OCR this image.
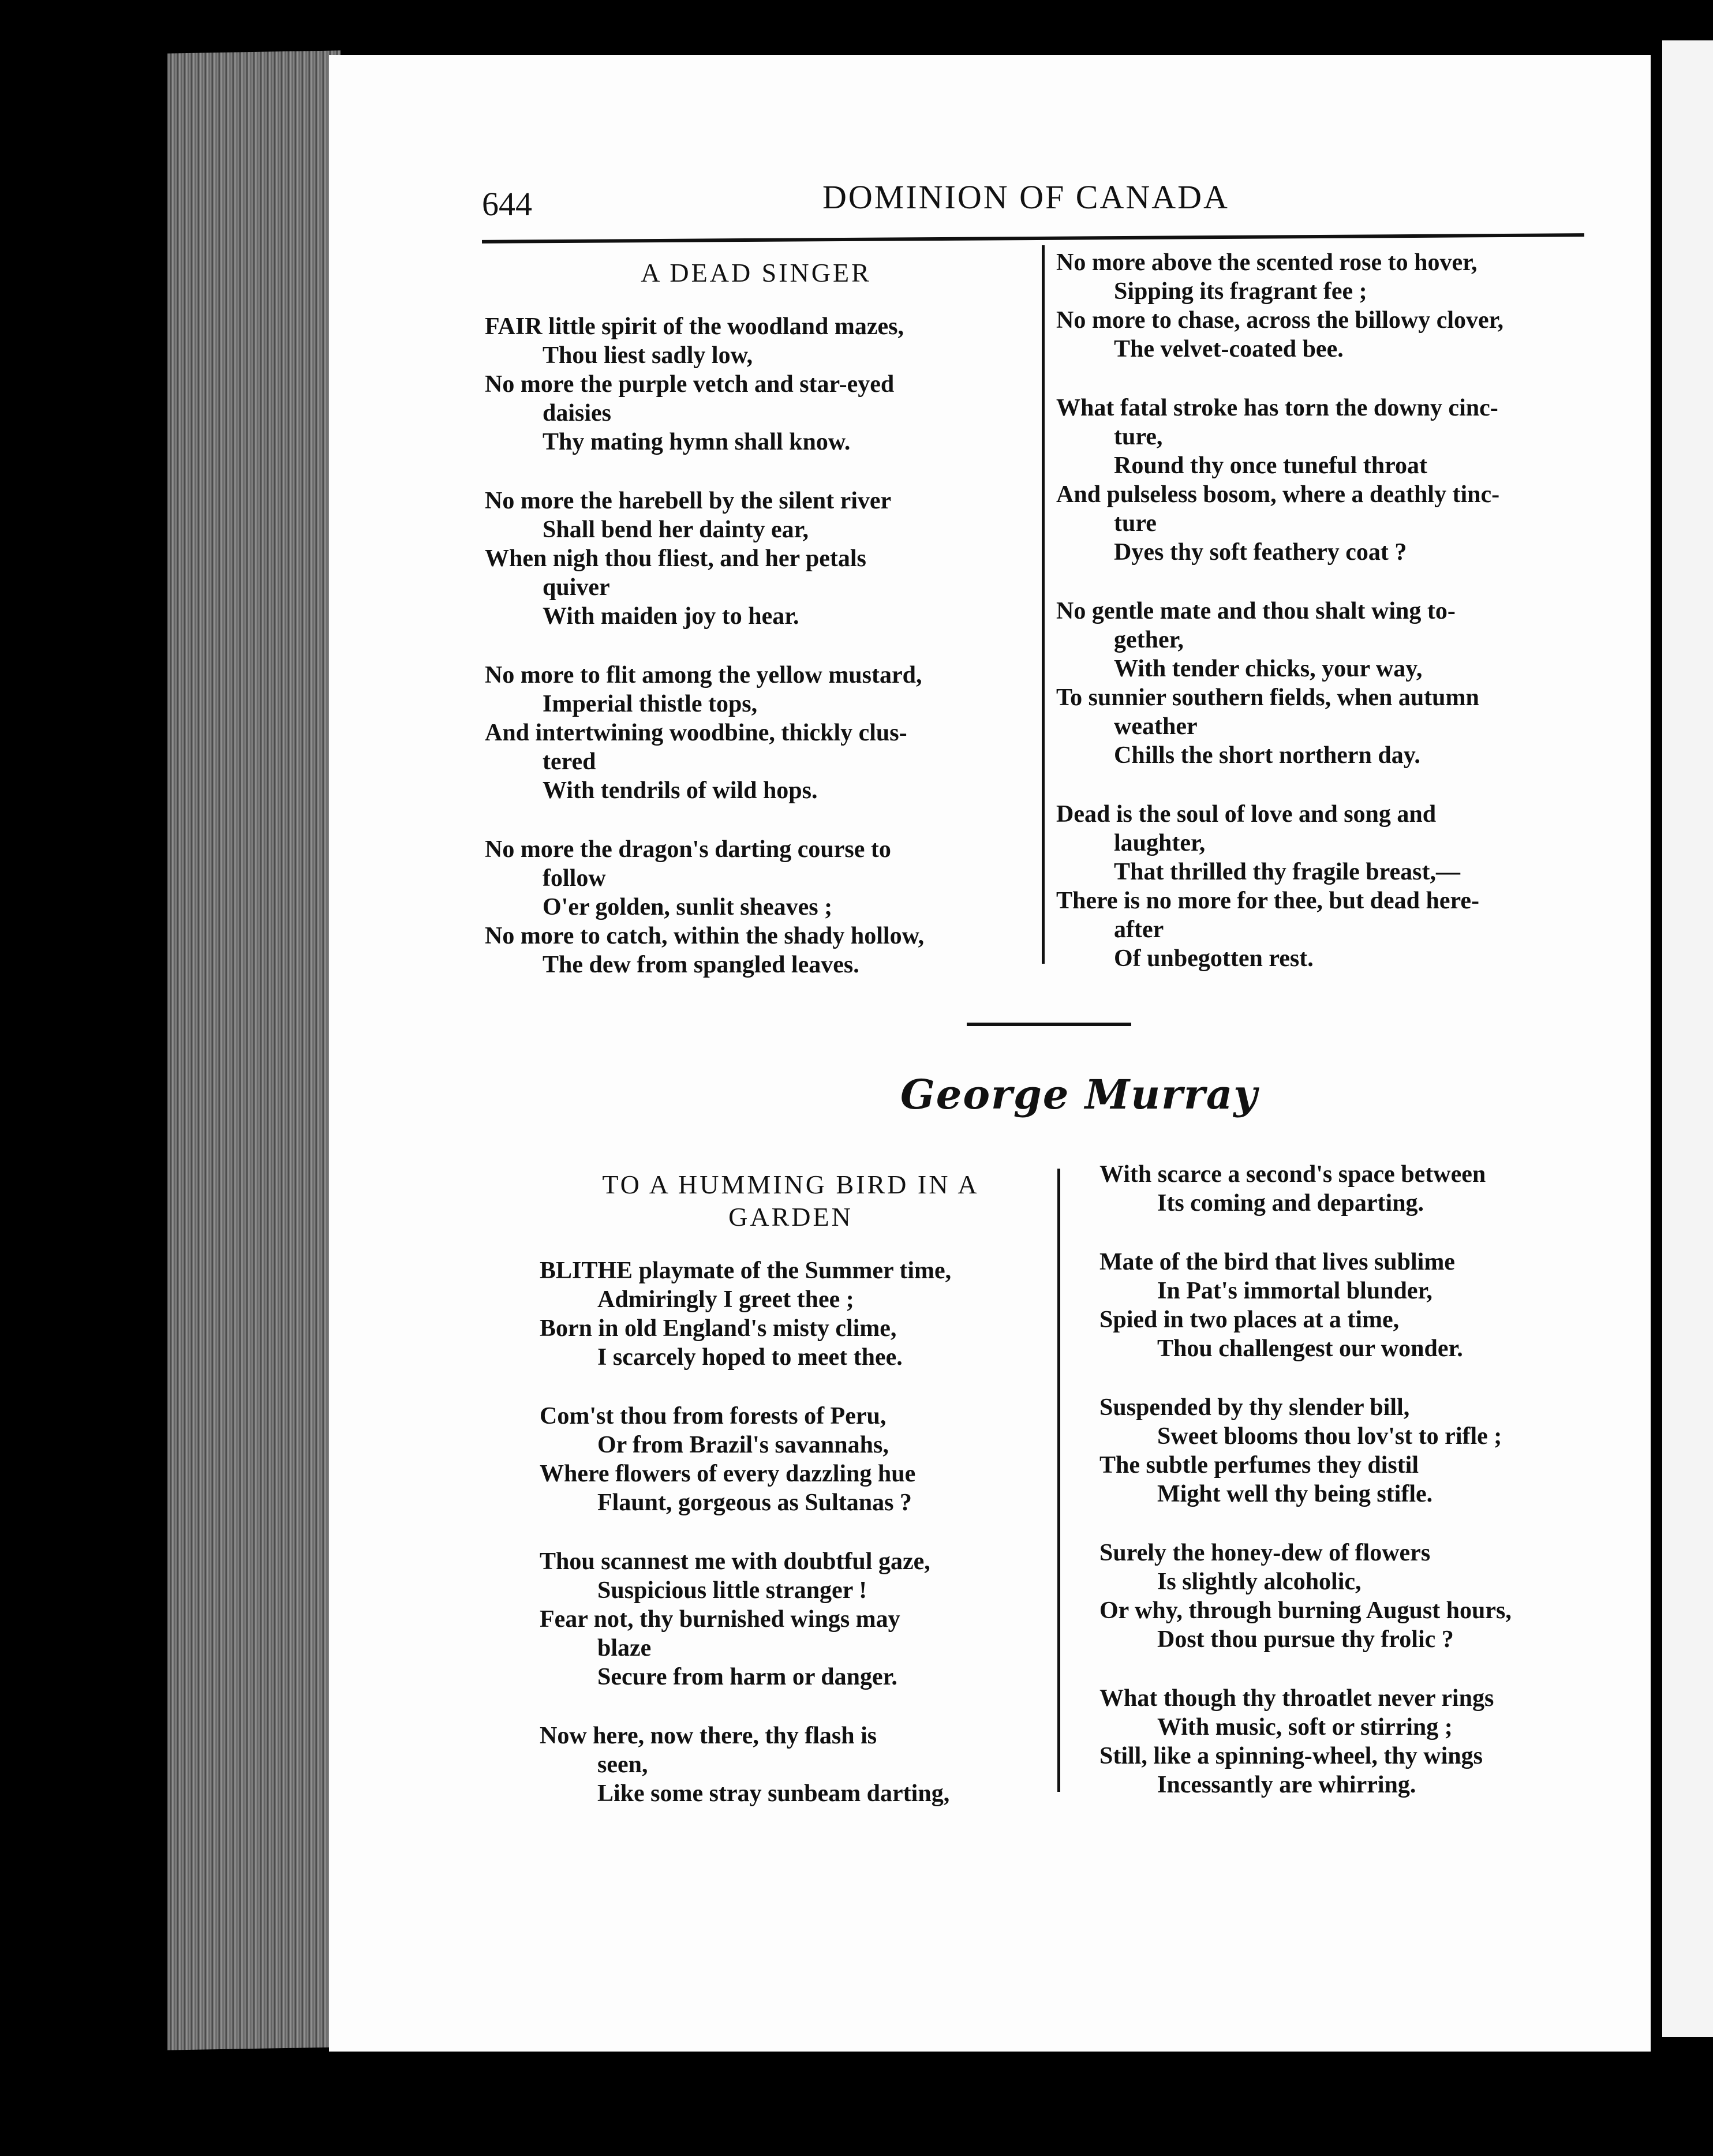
644	DOMINION OF CANADA
A DEAD SINGER
FAIR little spirit of the woodland mazes,
Thou liest sadly low,
No more the purple vetch and star-eyed
daisies
Thy mating hymn shall know.
No more the harebell by the silent river
Shall bend her dainty ear,
When nigh thou fliest, and her petals
quiver
With maiden joy to hear.
No more to flit among the yellow mustard,
Imperial thistle tops,
And intertwining woodbine, thickly clus-
tered
With tendrils of wild hops.
No more the dragon's darting course to
follow
O'er golden, sunlit sheaves ;
No more to catch, within the shady hollow,
The dew from spangled leaves.
No more above the scented rose to hover,
Sipping its fragrant fee ;
No more to chase, across the billowy clover,
The velvet-coated bee.
What fatal stroke has torn the downy cinc-
ture,
Round thy once tuneful throat
And pulseless bosom, where a deathly tinc-
ture
Dyes thy soft feathery coat ?
No gentle mate and thou shalt wing to-
gether,
With tender chicks, your way,
To sunnier southern fields, when autumn
weather
Chills the short northern day.
Dead is the soul of love and song and
laughter,
That thrilled thy fragile breast,—
There is no more for thee, but dead here-
after
Of unbegotten rest.
George Murray
TO A HUMMING BIRD IN A
GARDEN
BLITHE playmate of the Summer time,
Admiringly I greet thee ;
Born in old England's misty clime,
I scarcely hoped to meet thee.
Com'st thou from forests of Peru,
Or from Brazil's savannahs,
Where flowers of every dazzling hue
Flaunt, gorgeous as Sultanas ?
Thou scannest me with doubtful gaze,
Suspicious little stranger !
Fear not, thy burnished wings may
blaze
Secure from harm or danger.
Now here, now there, thy flash is
seen,
Like some stray sunbeam darting,
With scarce a second's space between
Its coming and departing.
Mate of the bird that lives sublime
In Pat's immortal blunder,
Spied in two places at a time,
Thou challengest our wonder.
Suspended by thy slender bill,
Sweet blooms thou lov'st to rifle ;
The subtle perfumes they distil
Might well thy being stifle.
Surely the honey-dew of flowers
Is slightly alcoholic,
Or why, through burning August hours,
Dost thou pursue thy frolic ?
What though thy throatlet never rings
With music, soft or stirring ;
Still, like a spinning-wheel, thy wings
Incessantly are whirring.
